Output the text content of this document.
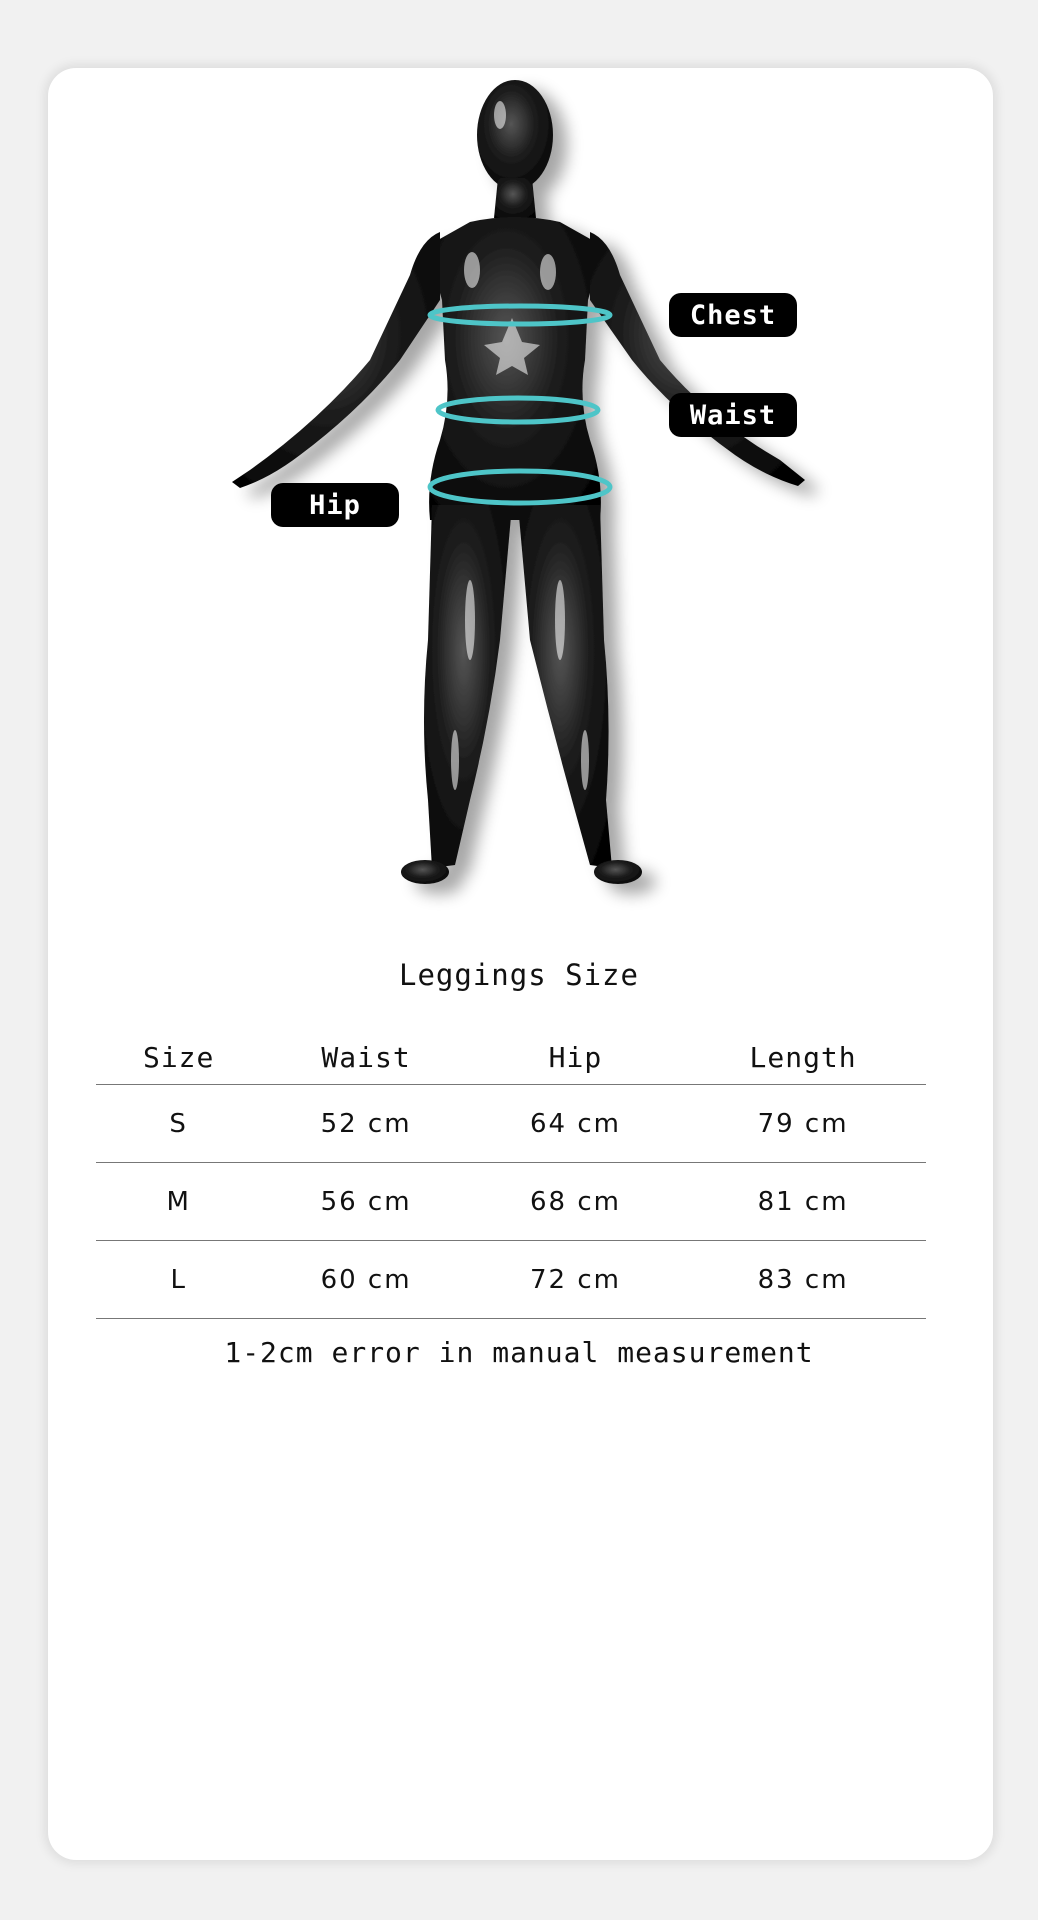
Chest
Waist
Hip
Leggings Size
Size	Waist	Hip	Length
S	52 cm	64 cm	79 cm
M	56 cm	68 cm	81 cm
L	60 cm	72 cm	83 cm
1-2cm error in manual measurement
